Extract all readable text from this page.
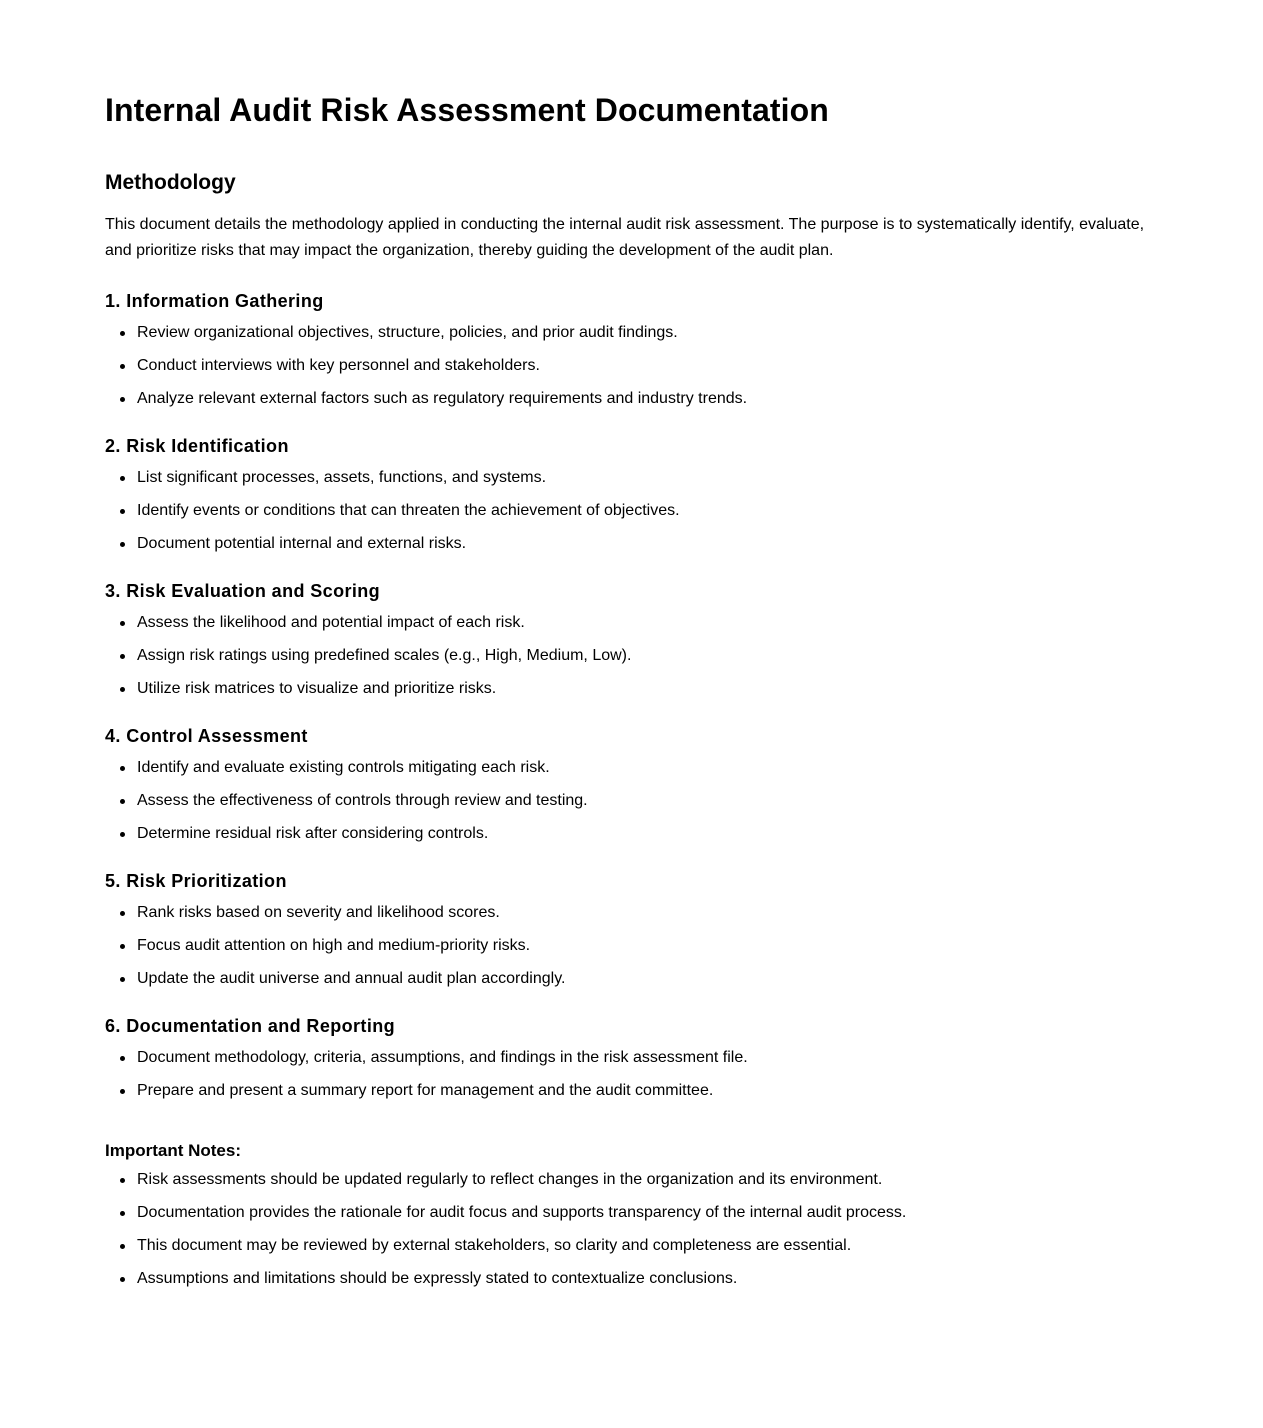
Internal Audit Risk Assessment Documentation
Methodology

This document details the methodology applied in conducting the internal audit risk assessment. The purpose is to systematically identify, evaluate, and prioritize risks that may impact the organization, thereby guiding the development of the audit plan.

1. Information Gathering
Review organizational objectives, structure, policies, and prior audit findings.
Conduct interviews with key personnel and stakeholders.
Analyze relevant external factors such as regulatory requirements and industry trends.
2. Risk Identification
List significant processes, assets, functions, and systems.
Identify events or conditions that can threaten the achievement of objectives.
Document potential internal and external risks.
3. Risk Evaluation and Scoring
Assess the likelihood and potential impact of each risk.
Assign risk ratings using predefined scales (e.g., High, Medium, Low).
Utilize risk matrices to visualize and prioritize risks.
4. Control Assessment
Identify and evaluate existing controls mitigating each risk.
Assess the effectiveness of controls through review and testing.
Determine residual risk after considering controls.
5. Risk Prioritization
Rank risks based on severity and likelihood scores.
Focus audit attention on high and medium-priority risks.
Update the audit universe and annual audit plan accordingly.
6. Documentation and Reporting
Document methodology, criteria, assumptions, and findings in the risk assessment file.
Prepare and present a summary report for management and the audit committee.
Important Notes:
Risk assessments should be updated regularly to reflect changes in the organization and its environment.
Documentation provides the rationale for audit focus and supports transparency of the internal audit process.
This document may be reviewed by external stakeholders, so clarity and completeness are essential.
Assumptions and limitations should be expressly stated to contextualize conclusions.
